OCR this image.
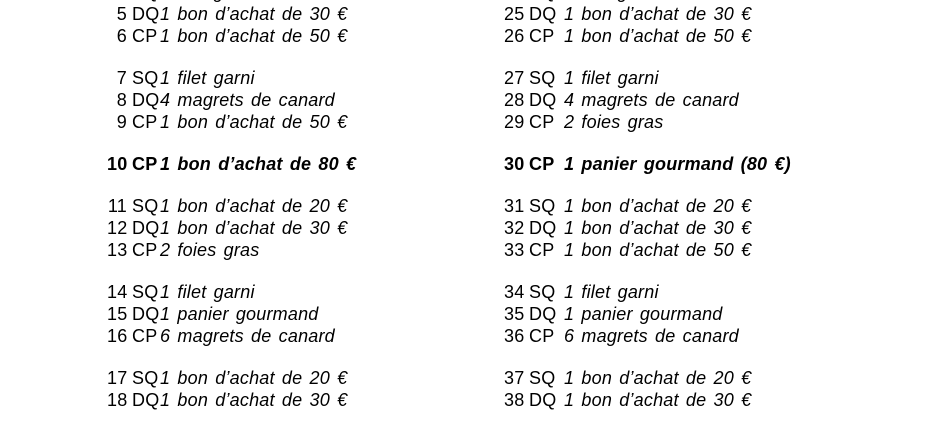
5 DQ 1 bon d’achat de 30 €
6 CP 1 bon d’achat de 50 €
7 SQ 1 filet garni
8 DQ 4 magrets de canard
9 CP 1 bon d’achat de 50 €
10 CP 1 bon d’achat de 80 €
11 SQ 1 bon d’achat de 20 €
12 DQ 1 bon d’achat de 30 €
13 CP 2 foies gras
14 SQ 1 filet garni
15 DQ 1 panier gourmand
16 CP 6 magrets de canard
17 SQ 1 bon d’achat de 20 €
18 DQ 1 bon d’achat de 30 €
25 DQ 1 bon d’achat de 30 €
26 CP 1 bon d’achat de 50 €
27 SQ 1 filet garni
28 DQ 4 magrets de canard
29 CP 2 foies gras
30 CP 1 panier gourmand (80 €)
31 SQ 1 bon d’achat de 20 €
32 DQ 1 bon d’achat de 30 €
33 CP 1 bon d’achat de 50 €
34 SQ 1 filet garni
35 DQ 1 panier gourmand
36 CP 6 magrets de canard
37 SQ 1 bon d’achat de 20 €
38 DQ 1 bon d’achat de 30 €
